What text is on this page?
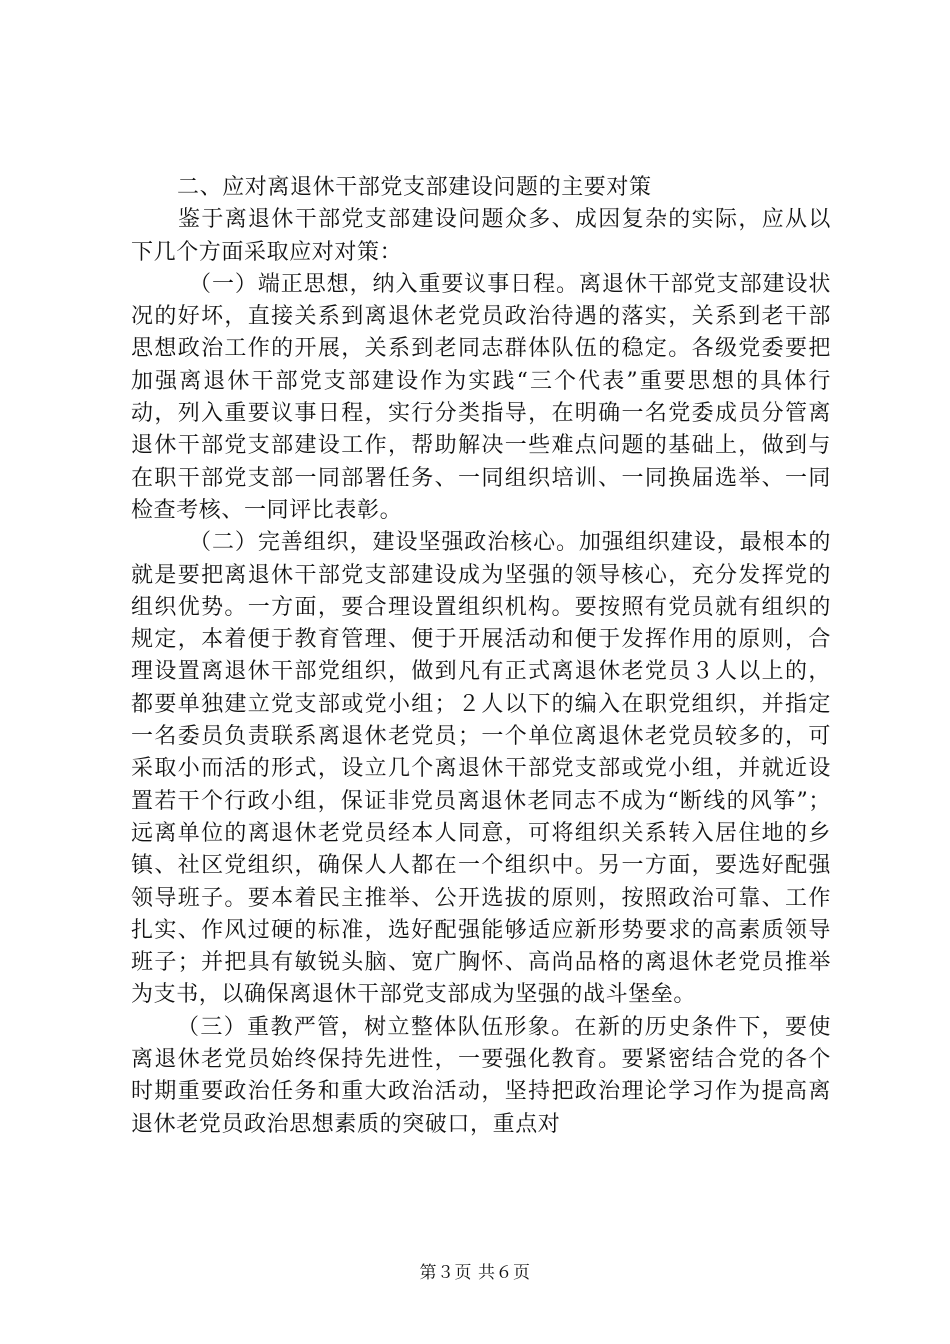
二、应对离退休干部党支部建设问题的主要对策

鉴于离退休干部党支部建设问题众多、成因复杂的实际，应从以下几个方面采取应对对策：

（一）端正思想，纳入重要议事日程。离退休干部党支部建设状况的好坏，直接关系到离退休老党员政治待遇的落实，关系到老干部思想政治工作的开展，关系到老同志群体队伍的稳定。各级党委要把加强离退休干部党支部建设作为实践“三个代表”重要思想的具体行动，列入重要议事日程，实行分类指导，在明确一名党委成员分管离退休干部党支部建设工作，帮助解决一些难点问题的基础上，做到与在职干部党支部一同部署任务、一同组织培训、一同换届选举、一同检查考核、一同评比表彰。

（二）完善组织，建设坚强政治核心。加强组织建设，最根本的就是要把离退休干部党支部建设成为坚强的领导核心，充分发挥党的组织优势。一方面，要合理设置组织机构。要按照有党员就有组织的规定，本着便于教育管理、便于开展活动和便于发挥作用的原则，合理设置离退休干部党组织，做到凡有正式离退休老党员３人以上的，都要单独建立党支部或党小组；２人以下的编入在职党组织，并指定一名委员负责联系离退休老党员；一个单位离退休老党员较多的，可采取小而活的形式，设立几个离退休干部党支部或党小组，并就近设置若干个行政小组，保证非党员离退休老同志不成为“断线的风筝”；远离单位的离退休老党员经本人同意，可将组织关系转入居住地的乡镇、社区党组织，确保人人都在一个组织中。另一方面，要选好配强领导班子。要本着民主推举、公开选拔的原则，按照政治可靠、工作扎实、作风过硬的标准，选好配强能够适应新形势要求的高素质领导班子；并把具有敏锐头脑、宽广胸怀、高尚品格的离退休老党员推举为支书，以确保离退休干部党支部成为坚强的战斗堡垒。

（三）重教严管，树立整体队伍形象。在新的历史条件下，要使离退休老党员始终保持先进性，一要强化教育。要紧密结合党的各个时期重要政治任务和重大政治活动，坚持把政治理论学习作为提高离退休老党员政治思想素质的突破口，重点对

第３页 共６页
